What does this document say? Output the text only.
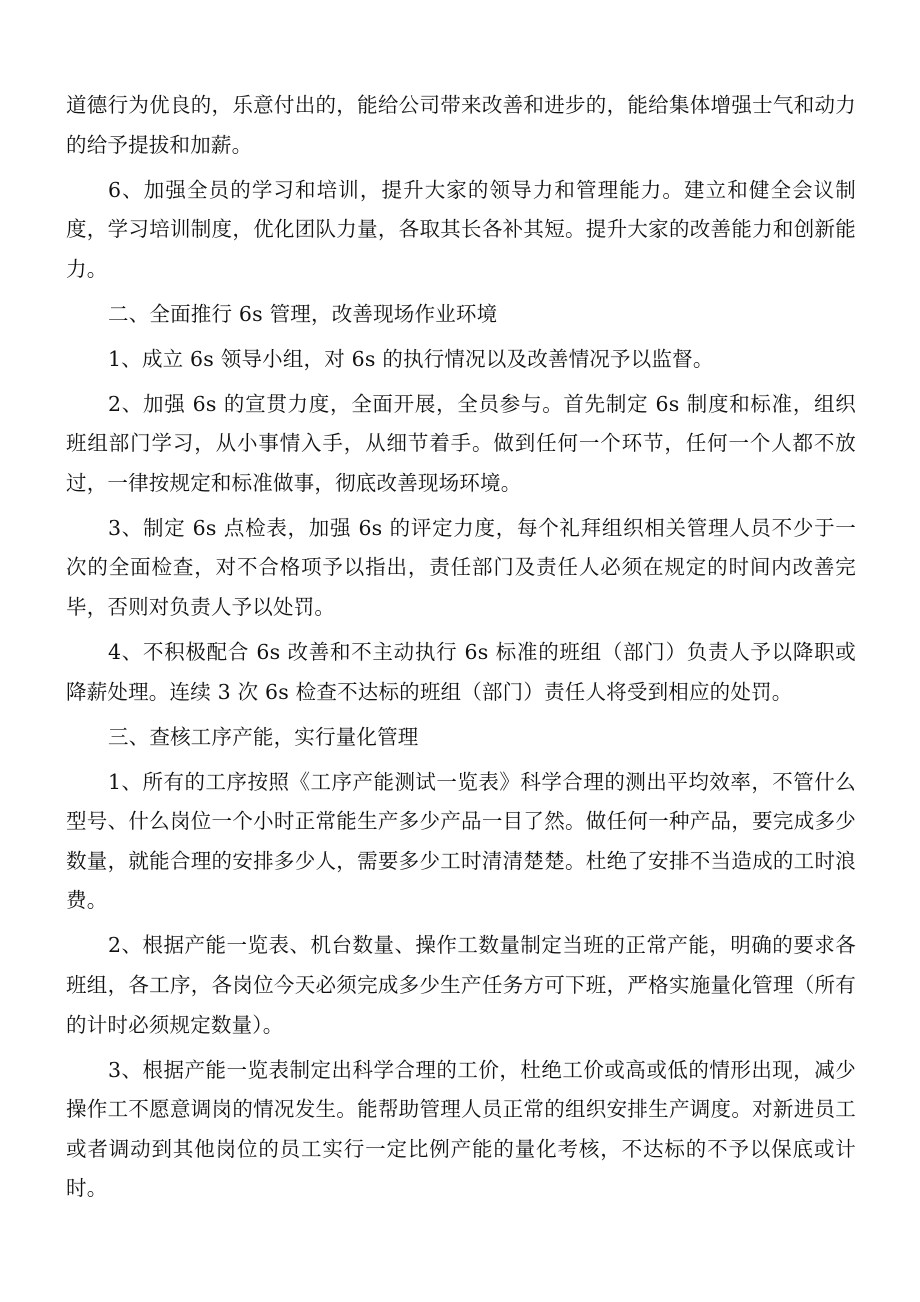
道德行为优良的，乐意付出的，能给公司带来改善和进步的，能给集体增强士气和动力的给予提拔和加薪。

6、加强全员的学习和培训，提升大家的领导力和管理能力。建立和健全会议制度，学习培训制度，优化团队力量，各取其长各补其短。提升大家的改善能力和创新能力。

二、全面推行 6s 管理，改善现场作业环境

1、成立 6s 领导小组，对 6s 的执行情况以及改善情况予以监督。

2、加强 6s 的宣贯力度，全面开展，全员参与。首先制定 6s 制度和标准，组织班组部门学习，从小事情入手，从细节着手。做到任何一个环节，任何一个人都不放过，一律按规定和标准做事，彻底改善现场环境。

3、制定 6s 点检表，加强 6s 的评定力度，每个礼拜组织相关管理人员不少于一次的全面检查，对不合格项予以指出，责任部门及责任人必须在规定的时间内改善完毕，否则对负责人予以处罚。

4、不积极配合 6s 改善和不主动执行 6s 标准的班组（部门）负责人予以降职或降薪处理。连续 3 次 6s 检查不达标的班组（部门）责任人将受到相应的处罚。

三、查核工序产能，实行量化管理

1、所有的工序按照《工序产能测试一览表》科学合理的测出平均效率，不管什么型号、什么岗位一个小时正常能生产多少产品一目了然。做任何一种产品，要完成多少数量，就能合理的安排多少人，需要多少工时清清楚楚。杜绝了安排不当造成的工时浪费。

2、根据产能一览表、机台数量、操作工数量制定当班的正常产能，明确的要求各班组，各工序，各岗位今天必须完成多少生产任务方可下班，严格实施量化管理（所有的计时必须规定数量）。

3、根据产能一览表制定出科学合理的工价，杜绝工价或高或低的情形出现，减少操作工不愿意调岗的情况发生。能帮助管理人员正常的组织安排生产调度。对新进员工或者调动到其他岗位的员工实行一定比例产能的量化考核，不达标的不予以保底或计时。
